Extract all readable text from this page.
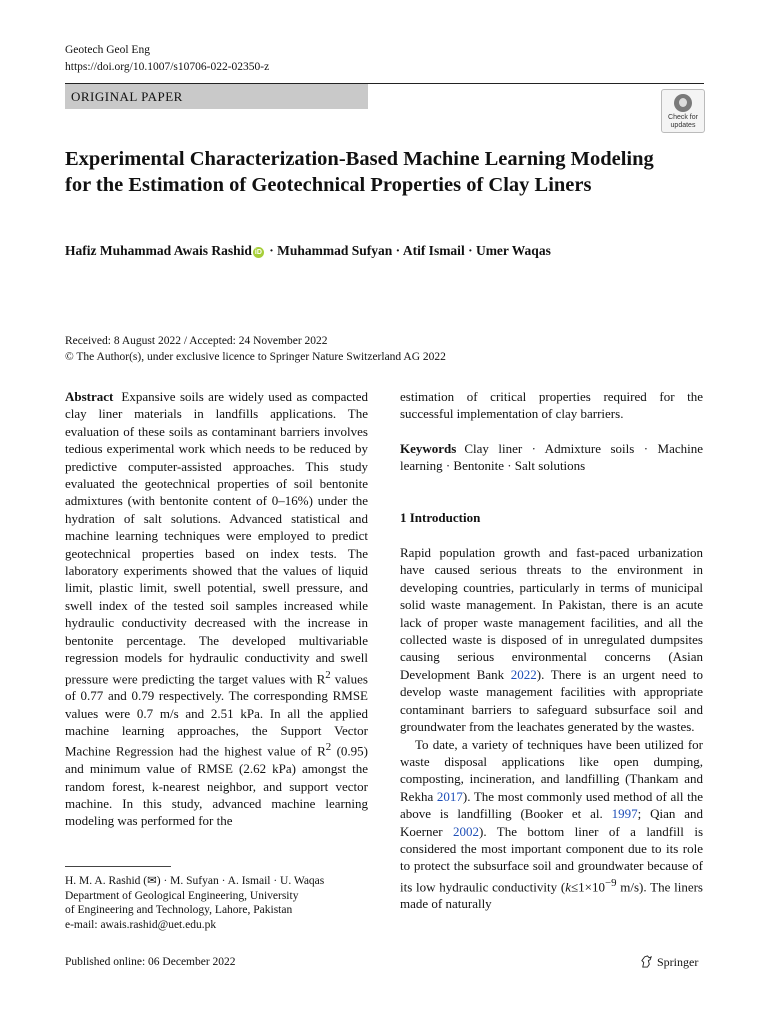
Geotech Geol Eng
https://doi.org/10.1007/s10706-022-02350-z
ORIGINAL PAPER
Check for
updates
Experimental Characterization-Based Machine Learning Modeling for the Estimation of Geotechnical Properties of Clay Liners
Hafiz Muhammad Awais Rashid iD · Muhammad Sufyan · Atif Ismail · Umer Waqas
Received: 8 August 2022 / Accepted: 24 November 2022
© The Author(s), under exclusive licence to Springer Nature Switzerland AG 2022

Abstract Expansive soils are widely used as compacted clay liner materials in landfills applications. The evaluation of these soils as contaminant barriers involves tedious experimental work which needs to be reduced by predictive computer-assisted approaches. This study evaluated the geotechnical properties of soil bentonite admixtures (with bentonite content of 0–16%) under the hydration of salt solutions. Advanced statistical and machine learning techniques were employed to predict geotechnical properties based on index tests. The laboratory experiments showed that the values of liquid limit, plastic limit, swell potential, swell pressure, and swell index of the tested soil samples increased while hydraulic conductivity decreased with the increase in bentonite percentage. The developed multivariable regression models for hydraulic conductivity and swell pressure were predicting the target values with $R^2$ values of 0.77 and 0.79 respectively. The corresponding RMSE values were 0.7 m/s and 2.51 kPa. In all the applied machine learning approaches, the Support Vector Machine Regression had the highest value of $R^2$ (0.95) and minimum value of RMSE (2.62 kPa) amongst the random forest, k-nearest neighbor, and support vector machine. In this study, advanced machine learning modeling was performed for the

estimation of critical properties required for the successful implementation of clay barriers.

Keywords Clay liner · Admixture soils · Machine learning · Bentonite · Salt solutions

1 Introduction

Rapid population growth and fast-paced urbanization have caused serious threats to the environment in developing countries, particularly in terms of municipal solid waste management. In Pakistan, there is an acute lack of proper waste management facilities, and all the collected waste is disposed of in unregulated dumpsites causing serious environmental concerns (Asian Development Bank 2022). There is an urgent need to develop waste management facilities with appropriate contaminant barriers to safeguard subsurface soil and groundwater from the leachates generated by the wastes.

To date, a variety of techniques have been utilized for waste disposal applications like open dumping, composting, incineration, and landfilling (Thankam and Rekha 2017). The most commonly used method of all the above is landfilling (Booker et al. 1997; Qian and Koerner 2002). The bottom liner of a landfill is considered the most important component due to its role to protect the subsurface soil and groundwater because of its low hydraulic conductivity ($k\le 1\times 10^{-9}$ m/s). The liners made of naturally

H. M. A. Rashid (✉) · M. Sufyan · A. Ismail · U. Waqas
Department of Geological Engineering, University
of Engineering and Technology, Lahore, Pakistan
e-mail: awais.rashid@uet.edu.pk
Published online: 06 December 2022	Springer
